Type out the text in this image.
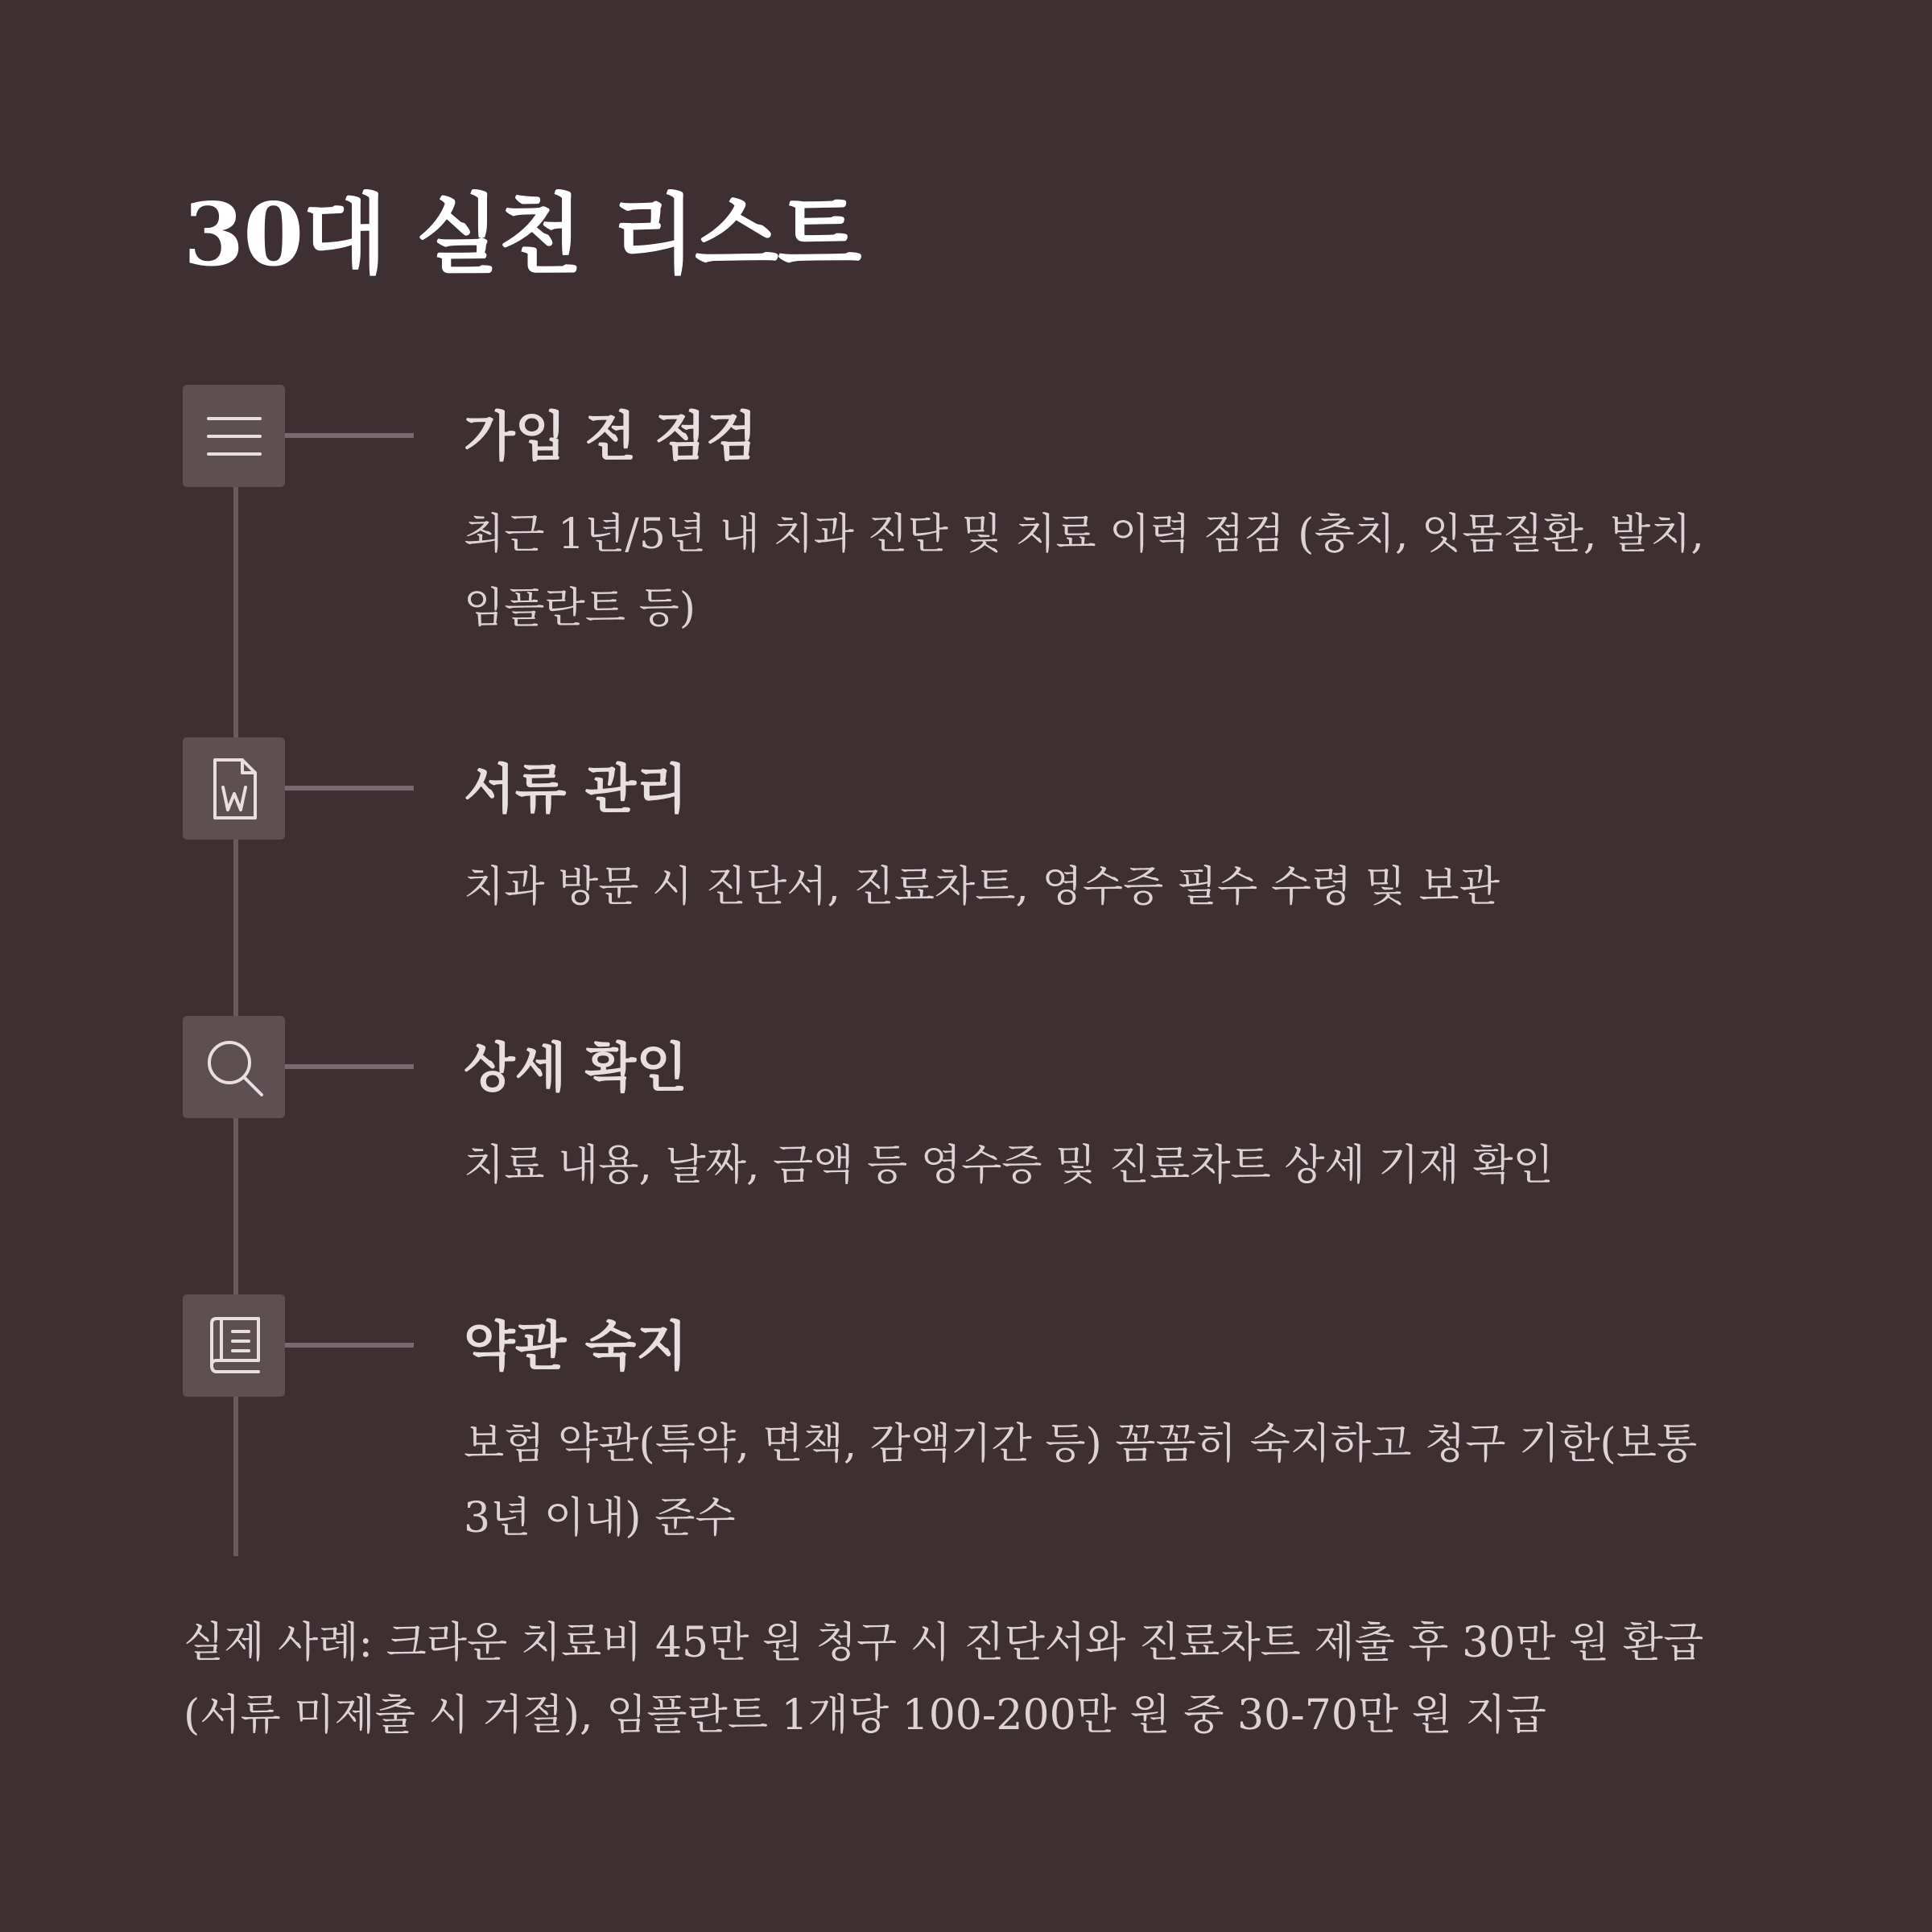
30대 실천 리스트
가입 전 점검

최근 1년/5년 내 치과 진단 및 치료 이력 점검 (충치, 잇몸질환, 발치, 임플란트 등)

서류 관리

치과 방문 시 진단서, 진료차트, 영수증 필수 수령 및 보관

상세 확인

치료 내용, 날짜, 금액 등 영수증 및 진료차트 상세 기재 확인

약관 숙지

보험 약관(특약, 면책, 감액기간 등) 꼼꼼히 숙지하고 청구 기한(보통 3년 이내) 준수

실제 사례: 크라운 치료비 45만 원 청구 시 진단서와 진료차트 제출 후 30만 원 환급 (서류 미제출 시 거절), 임플란트 1개당 100-200만 원 중 30-70만 원 지급
